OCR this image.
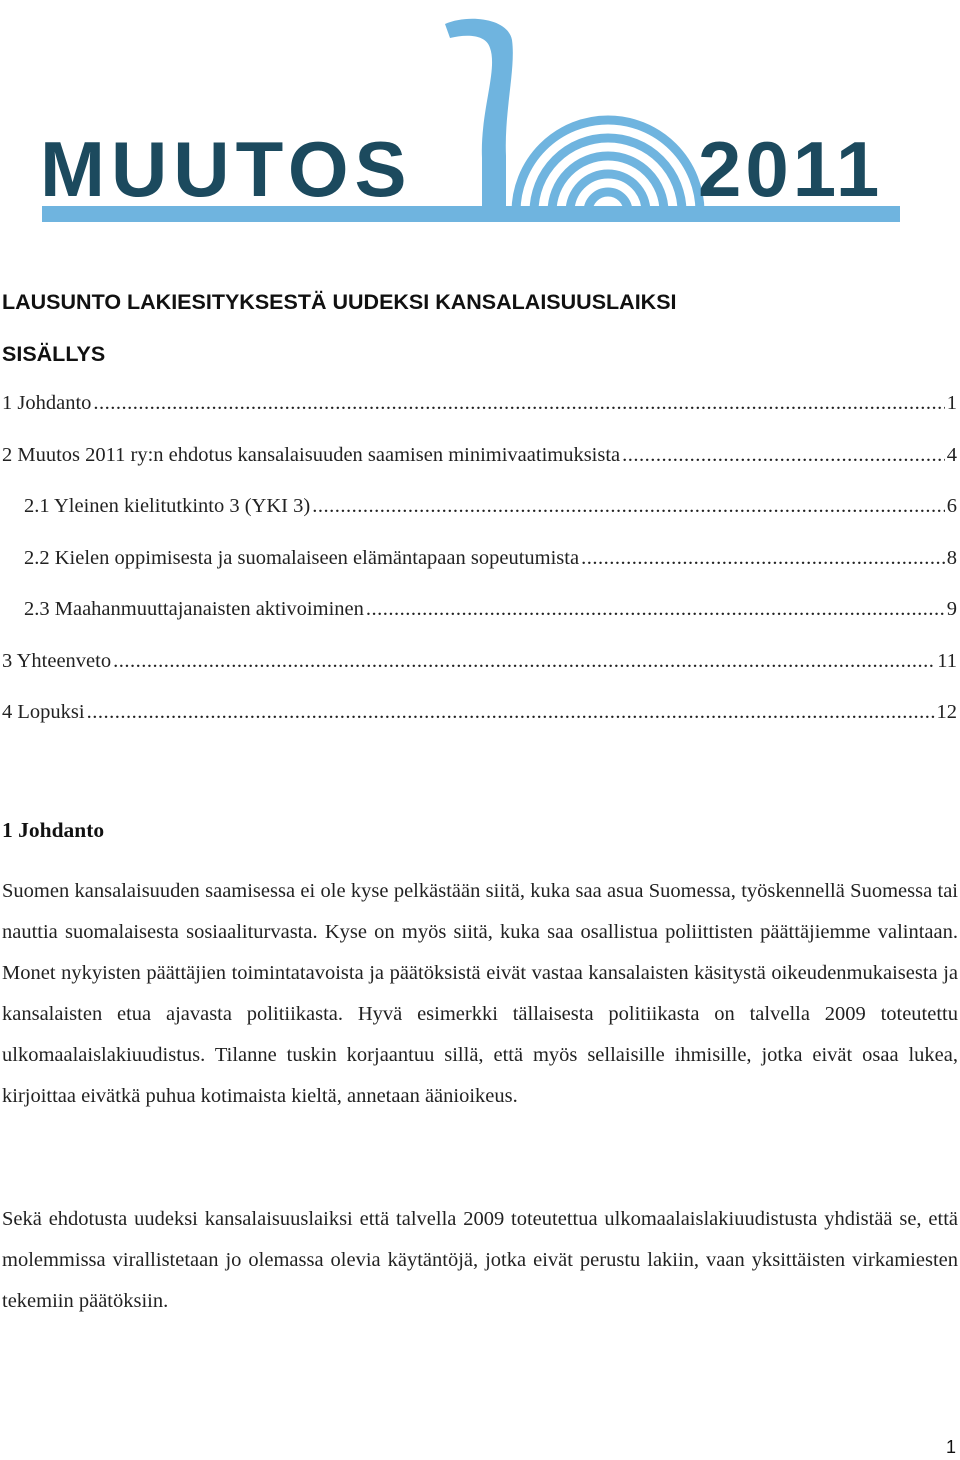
MUUTOS	2011
LAUSUNTO LAKIESITYKSESTÄ UUDEKSI KANSALAISUUSLAIKSI
SISÄLLYS
1 Johdanto .....	1
2 Muutos 2011 ry:n ehdotus kansalaisuuden saamisen minimivaatimuksista .....	4
2.1 Yleinen kielitutkinto 3 (YKI 3) .....	6
2.2 Kielen oppimisesta ja suomalaiseen elämäntapaan sopeutumista .....	8
2.3 Maahanmuuttajanaisten aktivoiminen .....	9
3 Yhteenveto .....	11
4 Lopuksi .....	12
1 Johdanto

Suomen kansalaisuuden saamisessa ei ole kyse pelkästään siitä, kuka saa asua Suomessa, työskennellä Suomessa tai nauttia suomalaisesta sosiaaliturvasta. Kyse on myös siitä, kuka saa osallistua poliittisten päättäjiemme valintaan. Monet nykyisten päättäjien toimintatavoista ja päätöksistä eivät vastaa kansalaisten käsitystä oikeudenmukaisesta ja kansalaisten etua ajavasta politiikasta. Hyvä esimerkki tällaisesta politiikasta on talvella 2009 toteutettu ulkomaalaislakiuudistus. Tilanne tuskin korjaantuu sillä, että myös sellaisille ihmisille, jotka eivät osaa lukea, kirjoittaa eivätkä puhua kotimaista kieltä, annetaan äänioikeus.

Sekä ehdotusta uudeksi kansalaisuuslaiksi että talvella 2009 toteutettua ulkomaalaislakiuudistusta yhdistää se, että molemmissa virallistetaan jo olemassa olevia käytäntöjä, jotka eivät perustu lakiin, vaan yksittäisten virkamiesten tekemiin päätöksiin.

1
